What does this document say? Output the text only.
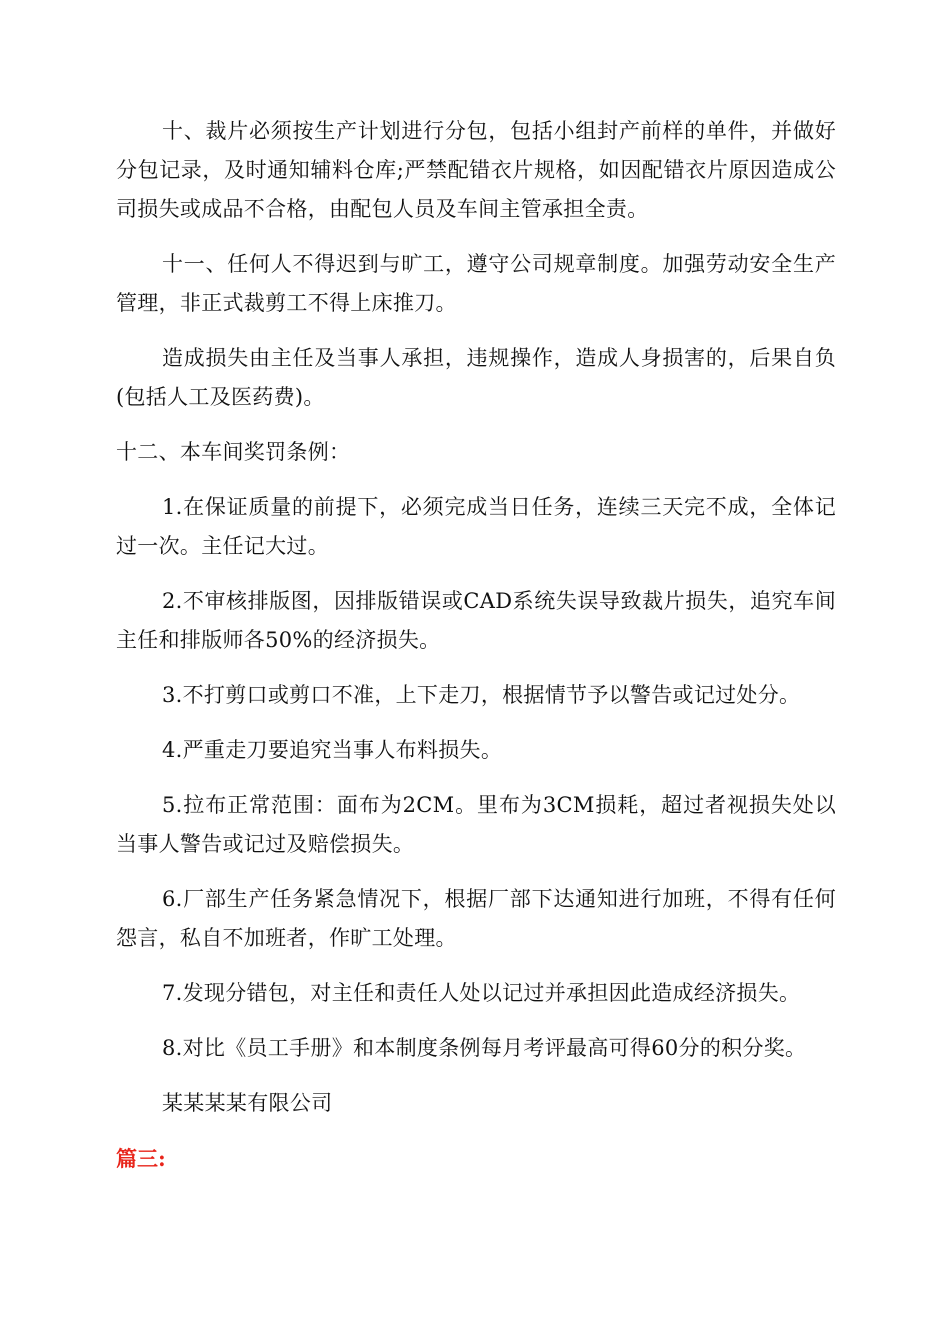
十、裁片必须按生产计划进行分包，包括小组封产前样的单件，并做好分包记录，及时通知辅料仓库;严禁配错衣片规格，如因配错衣片原因造成公司损失或成品不合格，由配包人员及车间主管承担全责。

十一、任何人不得迟到与旷工，遵守公司规章制度。加强劳动安全生产管理，非正式裁剪工不得上床推刀。

造成损失由主任及当事人承担，违规操作，造成人身损害的，后果自负(包括人工及医药费)。

十二、本车间奖罚条例：

1.在保证质量的前提下，必须完成当日任务，连续三天完不成，全体记过一次。主任记大过。

2.不审核排版图，因排版错误或CAD系统失误导致裁片损失，追究车间主任和排版师各50%的经济损失。

3.不打剪口或剪口不准，上下走刀，根据情节予以警告或记过处分。

4.严重走刀要追究当事人布料损失。

5.拉布正常范围：面布为2CM。里布为3CM损耗，超过者视损失处以当事人警告或记过及赔偿损失。

6.厂部生产任务紧急情况下，根据厂部下达通知进行加班，不得有任何怨言，私自不加班者，作旷工处理。

7.发现分错包，对主任和责任人处以记过并承担因此造成经济损失。

8.对比《员工手册》和本制度条例每月考评最高可得60分的积分奖。

某某某某有限公司

篇三:
